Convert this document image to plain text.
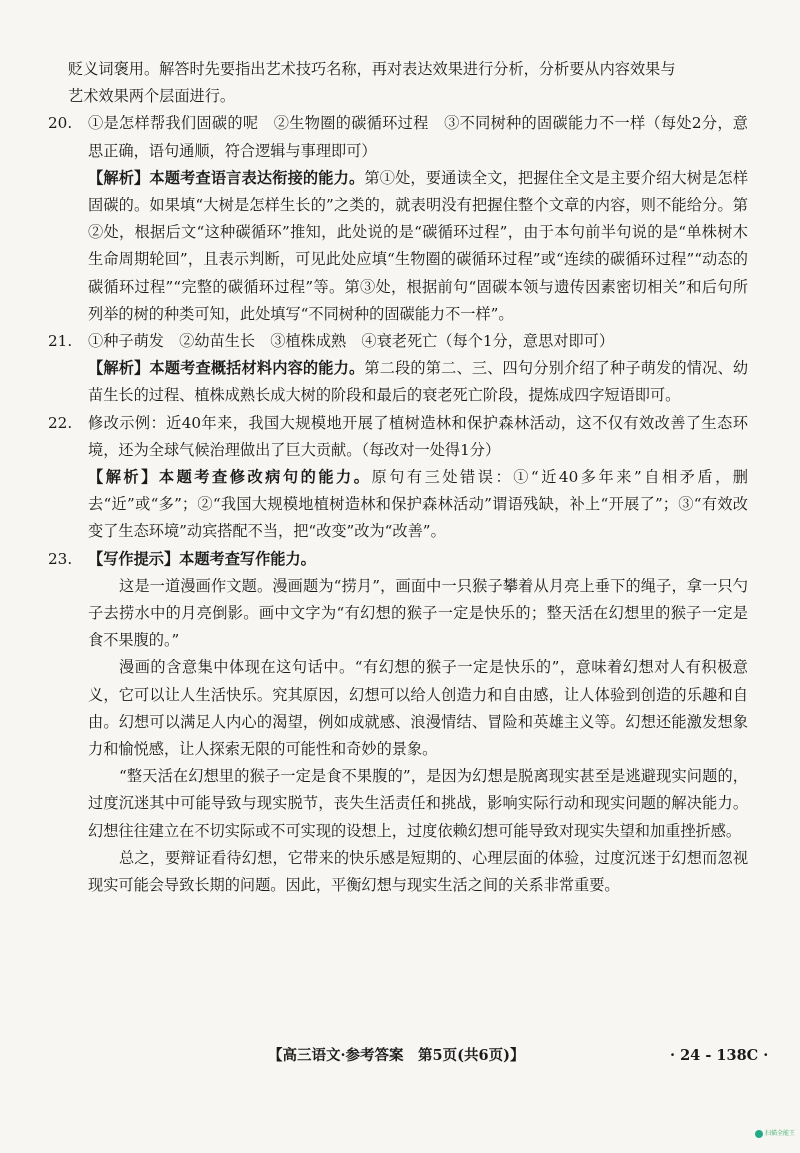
贬义词褒用。解答时先要指出艺术技巧名称，再对表达效果进行分析，分析要从内容效果与
艺术效果两个层面进行。

20.	①是怎样帮我们固碳的呢　②生物圈的碳循环过程　③不同树种的固碳能力不一样（每处2分，意思正确，语句通顺，符合逻辑与事理即可）

【解析】本题考查语言表达衔接的能力。第①处，要通读全文，把握住全文是主要介绍大树是怎样固碳的。如果填“大树是怎样生长的”之类的，就表明没有把握住整个文章的内容，则不能给分。第②处，根据后文“这种碳循环”推知，此处说的是“碳循环过程”，由于本句前半句说的是“单株树木生命周期轮回”，且表示判断，可见此处应填“生物圈的碳循环过程”或“连续的碳循环过程”“动态的碳循环过程”“完整的碳循环过程”等。第③处，根据前句“固碳本领与遗传因素密切相关”和后句所列举的树的种类可知，此处填写“不同树种的固碳能力不一样”。

21.	①种子萌发　②幼苗生长　③植株成熟　④衰老死亡（每个1分，意思对即可）

【解析】本题考查概括材料内容的能力。第二段的第二、三、四句分别介绍了种子萌发的情况、幼苗生长的过程、植株成熟长成大树的阶段和最后的衰老死亡阶段，提炼成四字短语即可。

22.	修改示例：近40年来，我国大规模地开展了植树造林和保护森林活动，这不仅有效改善了生态环境，还为全球气候治理做出了巨大贡献。（每改对一处得1分）

【解析】本题考查修改病句的能力。原句有三处错误：①“近40多年来”自相矛盾，删去“近”或“多”；②“我国大规模地植树造林和保护森林活动”谓语残缺，补上“开展了”；③“有效改变了生态环境”动宾搭配不当，把“改变”改为“改善”。

23.	【写作提示】本题考查写作能力。

这是一道漫画作文题。漫画题为“捞月”，画面中一只猴子攀着从月亮上垂下的绳子，拿一只勺子去捞水中的月亮倒影。画中文字为“有幻想的猴子一定是快乐的；整天活在幻想里的猴子一定是食不果腹的。”

漫画的含意集中体现在这句话中。“有幻想的猴子一定是快乐的”，意味着幻想对人有积极意义，它可以让人生活快乐。究其原因，幻想可以给人创造力和自由感，让人体验到创造的乐趣和自由。幻想可以满足人内心的渴望，例如成就感、浪漫情结、冒险和英雄主义等。幻想还能激发想象力和愉悦感，让人探索无限的可能性和奇妙的景象。

“整天活在幻想里的猴子一定是食不果腹的”，是因为幻想是脱离现实甚至是逃避现实问题的，过度沉迷其中可能导致与现实脱节，丧失生活责任和挑战，影响实际行动和现实问题的解决能力。幻想往往建立在不切实际或不可实现的设想上，过度依赖幻想可能导致对现实失望和加重挫折感。

总之，要辩证看待幻想，它带来的快乐感是短期的、心理层面的体验，过度沉迷于幻想而忽视现实可能会导致长期的问题。因此，平衡幻想与现实生活之间的关系非常重要。

【高三语文·参考答案　第5页(共6页)】	· 24 - 138C ·
扫描全能王
